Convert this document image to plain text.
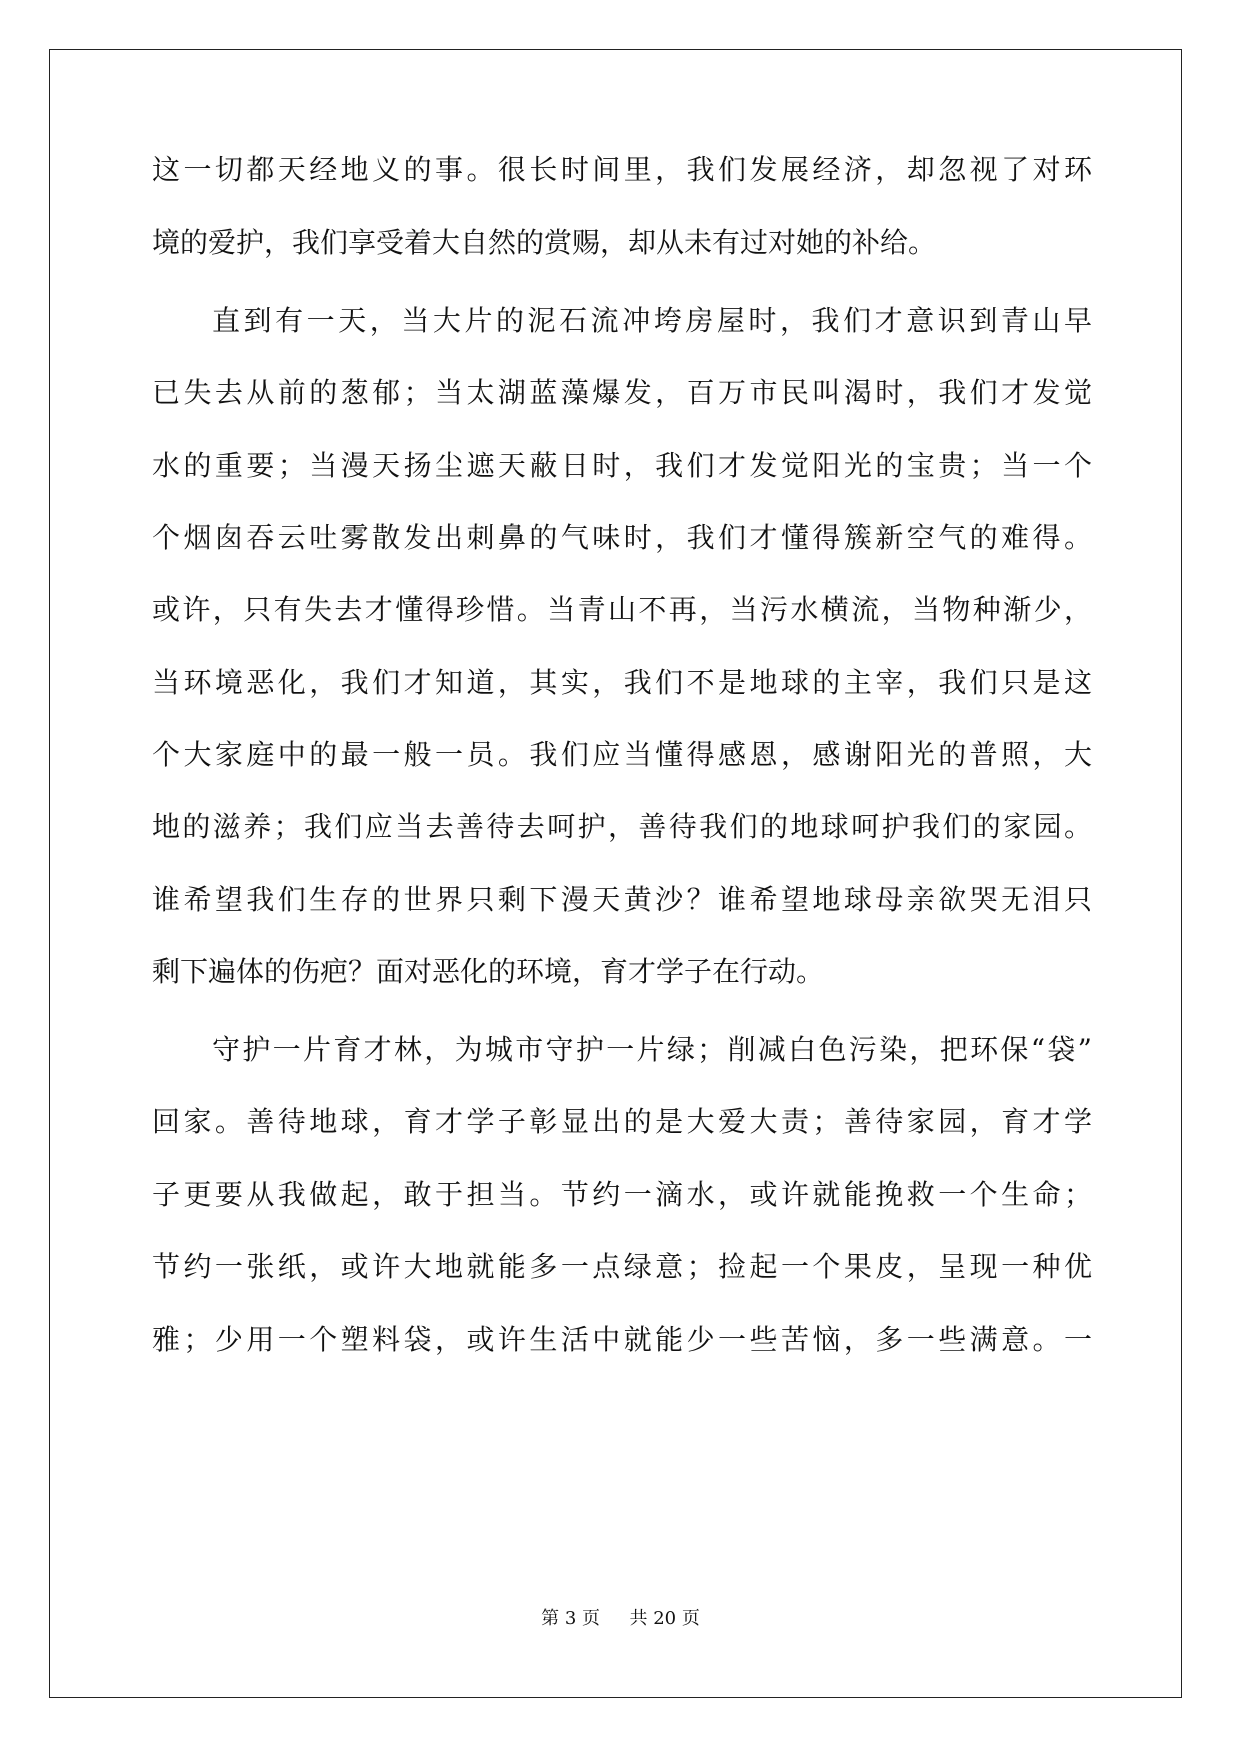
这一切都天经地义的事。很长时间里，我们发展经济，却忽视了对环

境的爱护，我们享受着大自然的赏赐，却从未有过对她的补给。

直到有一天，当大片的泥石流冲垮房屋时，我们才意识到青山早

已失去从前的葱郁；当太湖蓝藻爆发，百万市民叫渴时，我们才发觉

水的重要；当漫天扬尘遮天蔽日时，我们才发觉阳光的宝贵；当一个

个烟囱吞云吐雾散发出刺鼻的气味时，我们才懂得簇新空气的难得。

或许，只有失去才懂得珍惜。当青山不再，当污水横流，当物种渐少，

当环境恶化，我们才知道，其实，我们不是地球的主宰，我们只是这

个大家庭中的最一般一员。我们应当懂得感恩，感谢阳光的普照，大

地的滋养；我们应当去善待去呵护，善待我们的地球呵护我们的家园。

谁希望我们生存的世界只剩下漫天黄沙？谁希望地球母亲欲哭无泪只

剩下遍体的伤疤？面对恶化的环境，育才学子在行动。

守护一片育才林，为城市守护一片绿；削减白色污染，把环保“袋”

回家。善待地球，育才学子彰显出的是大爱大责；善待家园，育才学

子更要从我做起，敢于担当。节约一滴水，或许就能挽救一个生命；

节约一张纸，或许大地就能多一点绿意；捡起一个果皮，呈现一种优

雅；少用一个塑料袋，或许生活中就能少一些苦恼，多一些满意。一

第 3 页 共 20 页
